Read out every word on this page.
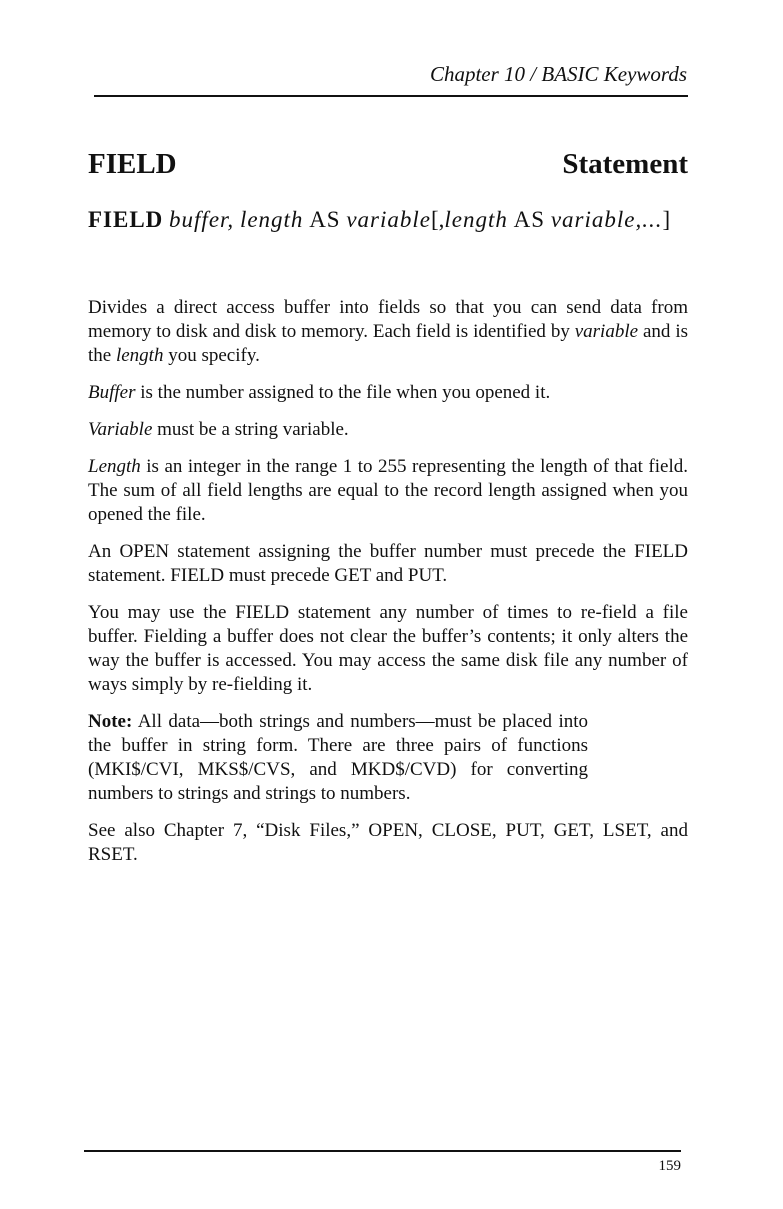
Chapter 10 / BASIC Keywords
FIELD	Statement
FIELD buffer, length AS variable[,length AS variable,...]

Divides a direct access buffer into fields so that you can send data from memory to disk and disk to memory. Each field is identified by variable and is the length you specify.

Buffer is the number assigned to the file when you opened it.

Variable must be a string variable.

Length is an integer in the range 1 to 255 representing the length of that field. The sum of all field lengths are equal to the record length assigned when you opened the file.

An OPEN statement assigning the buffer number must precede the FIELD statement. FIELD must precede GET and PUT.

You may use the FIELD statement any number of times to re-field a file buffer. Fielding a buffer does not clear the buffer’s contents; it only alters the way the buffer is accessed. You may access the same disk file any number of ways simply by re-fielding it.

Note: All data—both strings and numbers—must be placed into the buffer in string form. There are three pairs of functions (MKI$/CVI, MKS$/CVS, and MKD$/CVD) for converting numbers to strings and strings to numbers.

See also Chapter 7, “Disk Files,” OPEN, CLOSE, PUT, GET, LSET, and RSET.

159
